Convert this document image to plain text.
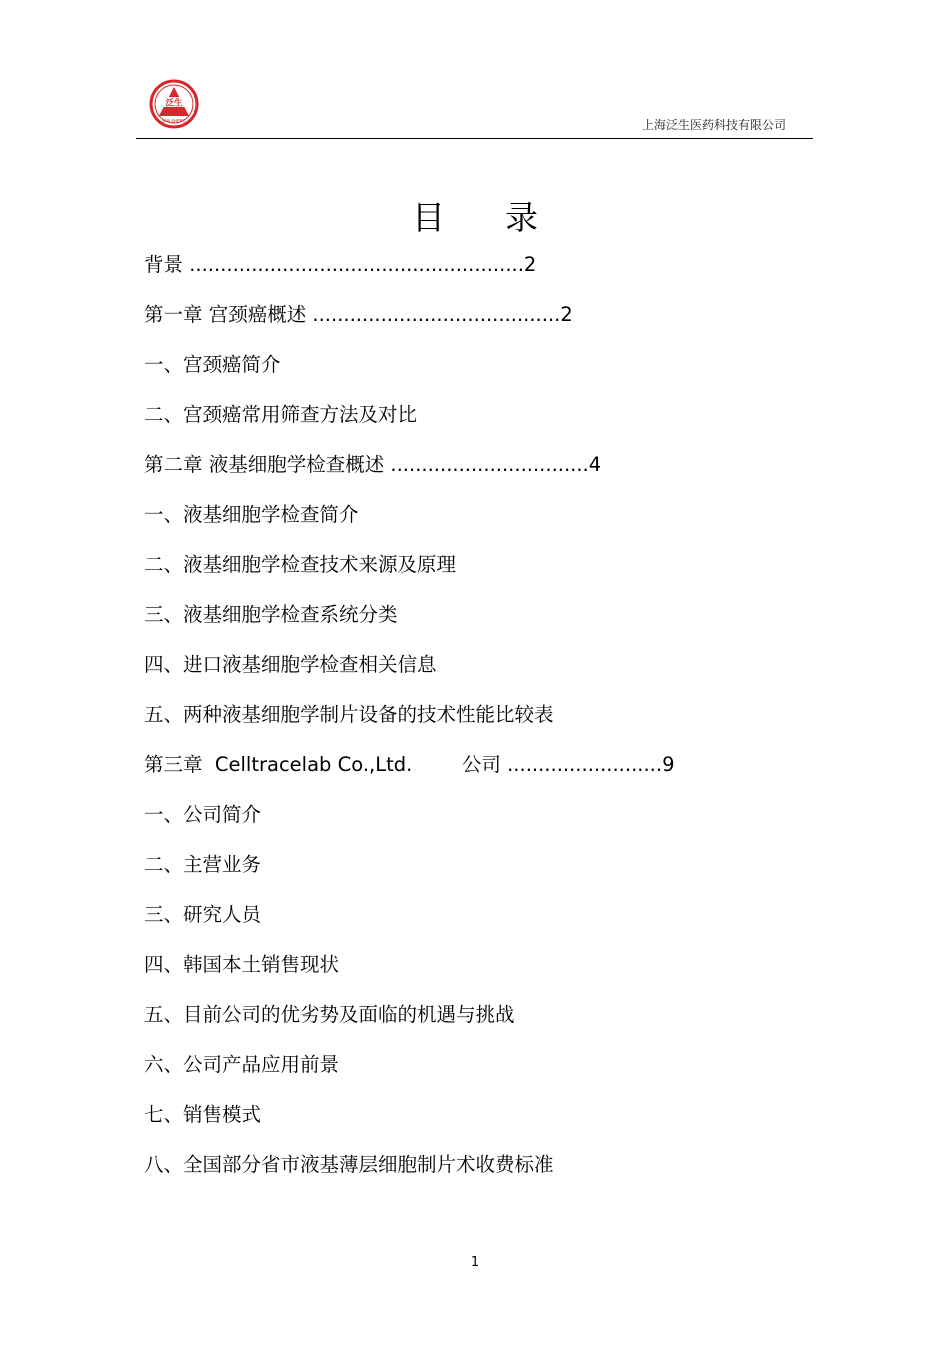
泛生
FAN SHENG	上海泛生医药科技有限公司
目 录
背景 ......................................................2
第一章 宫颈癌概述 ........................................2
一、宫颈癌简介
二、宫颈癌常用筛查方法及对比
第二章 液基细胞学检查概述 ................................4
一、液基细胞学检查简介
二、液基细胞学检查技术来源及原理
三、液基细胞学检查系统分类
四、进口液基细胞学检查相关信息
五、两种液基细胞学制片设备的技术性能比较表
第三章  Celltracelab Co.,Ltd.	公司 .........................9
一、公司简介
二、主营业务
三、研究人员
四、韩国本土销售现状
五、目前公司的优劣势及面临的机遇与挑战
六、公司产品应用前景
七、销售模式
八、全国部分省市液基薄层细胞制片术收费标准
1
